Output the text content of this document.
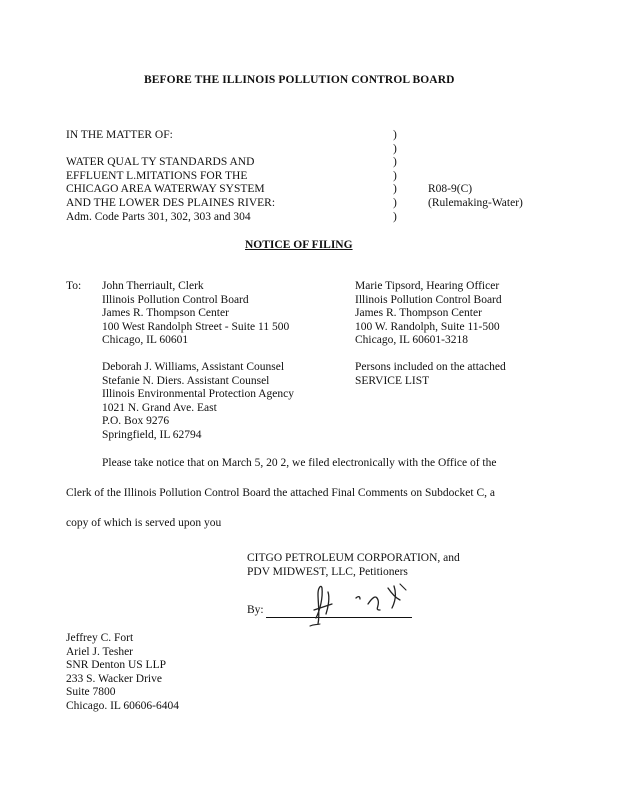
BEFORE THE ILLINOIS POLLUTION CONTROL BOARD
IN THE MATTER OF:
WATER QUAL TY STANDARDS AND
EFFLUENT L.MITATIONS FOR THE
CHICAGO AREA WATERWAY SYSTEM
AND THE LOWER DES PLAINES RIVER:
Adm. Code Parts 301, 302, 303 and 304
)
)
)
)
)
)
)
R08-9(C)
(Rulemaking-Water)
NOTICE OF FILING
To: John Therriault, Clerk
Illinois Pollution Control Board
James R. Thompson Center
100 West Randolph Street - Suite 11 500
Chicago, IL 60601
Marie Tipsord, Hearing Officer
Illinois Pollution Control Board
James R. Thompson Center
100 W. Randolph, Suite 11-500
Chicago, IL 60601-3218
Deborah J. Williams, Assistant Counsel
Stefanie N. Diers. Assistant Counsel
Illinois Environmental Protection Agency
1021 N. Grand Ave. East
P.O. Box 9276
Springfield, IL 62794
Persons included on the attached
SERVICE LIST
Please take notice that on March 5, 20 2, we filed electronically with the Office of the
Clerk of the Illinois Pollution Control Board the attached Final Comments on Subdocket C, a
copy of which is served upon you
CITGO PETROLEUM CORPORATION, and
PDV MIDWEST, LLC, Petitioners
By:
Jeffrey C. Fort
Ariel J. Tesher
SNR Denton US LLP
233 S. Wacker Drive
Suite 7800
Chicago. IL 60606-6404
